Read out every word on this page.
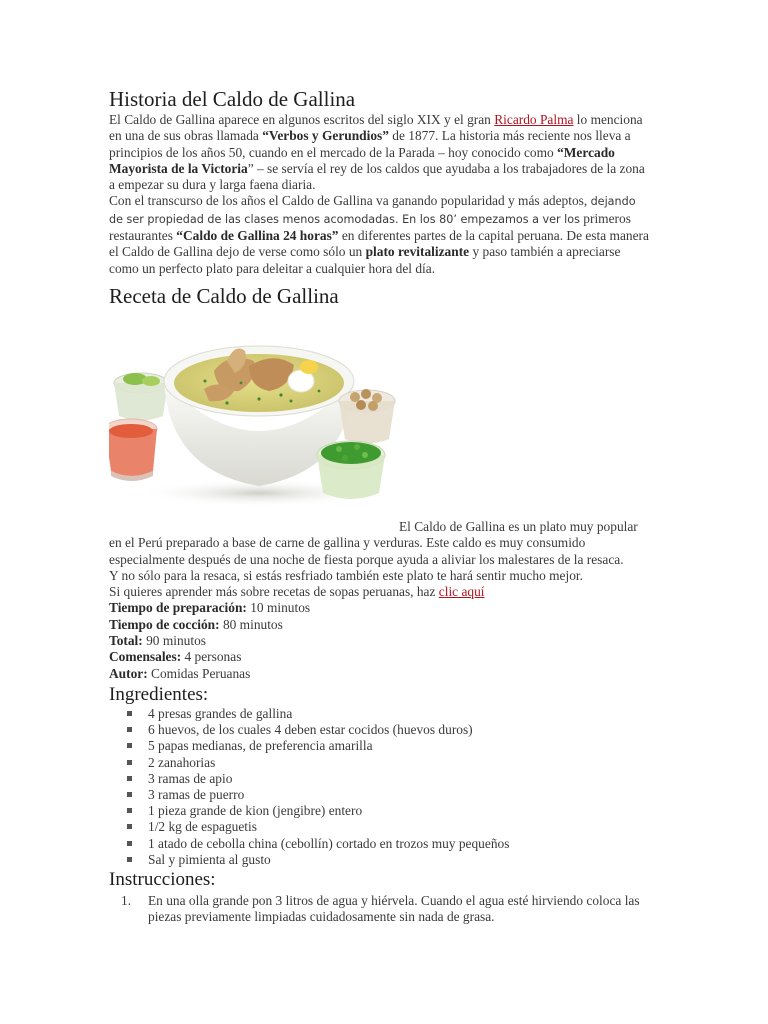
Historia del Caldo de Gallina

El Caldo de Gallina aparece en algunos escritos del siglo XIX y el gran Ricardo Palma lo menciona en una de sus obras llamada “Verbos y Gerundios” de 1877. La historia más reciente nos lleva a principios de los años 50, cuando en el mercado de la Parada – hoy conocido como “Mercado Mayorista de la Victoria” – se servía el rey de los caldos que ayudaba a los trabajadores de la zona a empezar su dura y larga faena diaria.

Con el transcurso de los años el Caldo de Gallina va ganando popularidad y más adeptos, dejando de ser propiedad de las clases menos acomodadas. En los 80’ empezamos a ver los primeros restaurantes “Caldo de Gallina 24 horas” en diferentes partes de la capital peruana. De esta manera el Caldo de Gallina dejo de verse como sólo un plato revitalizante y paso también a apreciarse como un perfecto plato para deleitar a cualquier hora del día.

Receta de Caldo de Gallina

El Caldo de Gallina es un plato muy popular en el Perú preparado a base de carne de gallina y verduras. Este caldo es muy consumido especialmente después de una noche de fiesta porque ayuda a aliviar los malestares de la resaca.

Y no sólo para la resaca, si estás resfriado también este plato te hará sentir mucho mejor.

Si quieres aprender más sobre recetas de sopas peruanas, haz clic aquí

Tiempo de preparación: 10 minutos

Tiempo de cocción: 80 minutos

Total: 90 minutos

Comensales: 4 personas

Autor: Comidas Peruanas

Ingredientes:
4 presas grandes de gallina
6 huevos, de los cuales 4 deben estar cocidos (huevos duros)
5 papas medianas, de preferencia amarilla
2 zanahorias
3 ramas de apio
3 ramas de puerro
1 pieza grande de kion (jengibre) entero
1/2 kg de espaguetis
1 atado de cebolla china (cebollín) cortado en trozos muy pequeños
Sal y pimienta al gusto
Instrucciones:
1. En una olla grande pon 3 litros de agua y hiérvela. Cuando el agua esté hirviendo coloca las piezas previamente limpiadas cuidadosamente sin nada de grasa.
